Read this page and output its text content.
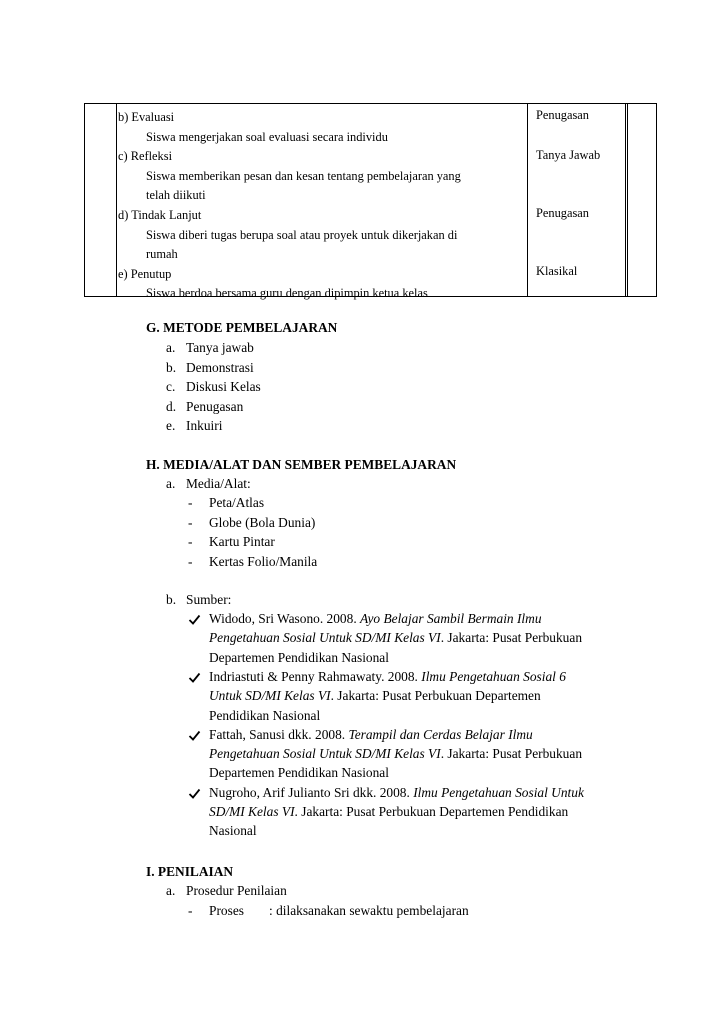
b) Evaluasi
Siswa mengerjakan soal evaluasi secara individu
c) Refleksi
Siswa memberikan pesan dan kesan tentang pembelajaran yang
telah diikuti
d) Tindak Lanjut
Siswa diberi tugas berupa soal atau proyek untuk dikerjakan di
rumah
e) Penutup
Siswa berdoa bersama guru dengan dipimpin ketua kelas
Penugasan
Tanya Jawab
Penugasan
Klasikal
G. METODE PEMBELAJARAN
a. Tanya jawab
b. Demonstrasi
c. Diskusi Kelas
d. Penugasan
e. Inkuiri
H. MEDIA/ALAT DAN SEMBER PEMBELAJARAN
a. Media/Alat:
- Peta/Atlas
- Globe (Bola Dunia)
- Kartu Pintar
- Kertas Folio/Manila
b. Sumber:
Widodo, Sri Wasono. 2008. Ayo Belajar Sambil Bermain Ilmu
Pengetahuan Sosial Untuk SD/MI Kelas VI. Jakarta: Pusat Perbukuan
Departemen Pendidikan Nasional
Indriastuti & Penny Rahmawaty. 2008. Ilmu Pengetahuan Sosial 6
Untuk SD/MI Kelas VI. Jakarta: Pusat Perbukuan Departemen
Pendidikan Nasional
Fattah, Sanusi dkk. 2008. Terampil dan Cerdas Belajar Ilmu
Pengetahuan Sosial Untuk SD/MI Kelas VI. Jakarta: Pusat Perbukuan
Departemen Pendidikan Nasional
Nugroho, Arif Julianto Sri dkk. 2008. Ilmu Pengetahuan Sosial Untuk
SD/MI Kelas VI. Jakarta: Pusat Perbukuan Departemen Pendidikan
Nasional
I. PENILAIAN
a. Prosedur Penilaian
- Proses : dilaksanakan sewaktu pembelajaran
